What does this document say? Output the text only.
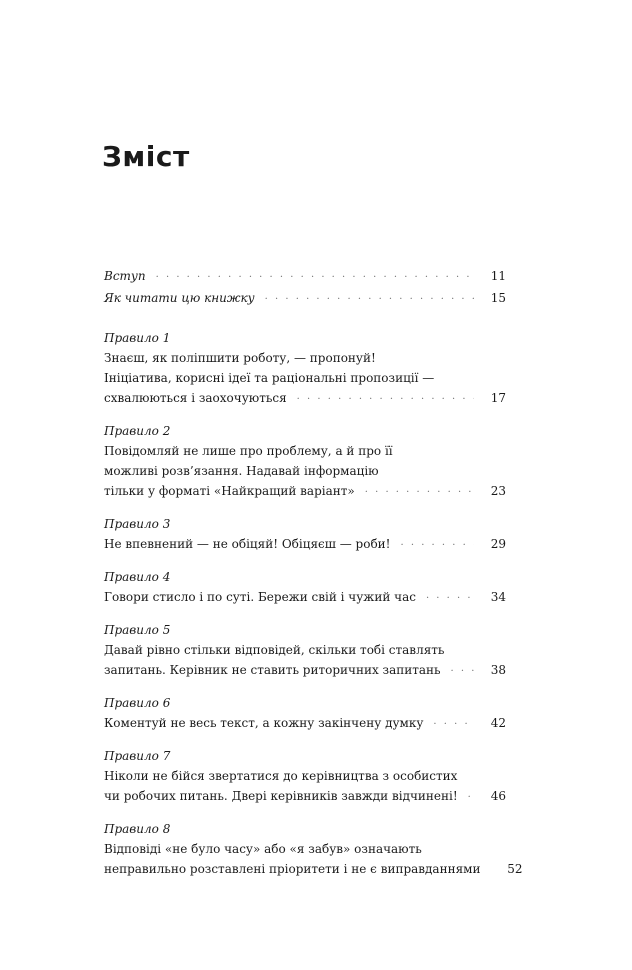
Зміст
Вступ · · ·	11
Як читати цю книжку · · ·	15
Правило 1
Знаєш, як поліпшити роботу, — пропонуй!
Ініціатива, корисні ідеї та раціональні пропозиції —
схвалюються і заохочуються · · ·	17
Правило 2
Повідомляй не лише про проблему, а й про її
можливі розв’язання. Надавай інформацію
тільки у форматі «Найкращий варіант» · · ·	23
Правило 3
Не впевнений — не обіцяй! Обіцяєш — роби! · · ·	29
Правило 4
Говори стисло і по суті. Бережи свій і чужий час · · ·	34
Правило 5
Давай рівно стільки відповідей, скільки тобі ставлять
запитань. Керівник не ставить риторичних запитань · · ·	38
Правило 6
Коментуй не весь текст, а кожну закінчену думку · · ·	42
Правило 7
Ніколи не бійся звертатися до керівництва з особистих
чи робочих питань. Двері керівників завжди відчинені! · · ·	46
Правило 8
Відповіді «не було часу» або «я забув» означають
неправильно розставлені пріоритети і не є виправданнями	52
